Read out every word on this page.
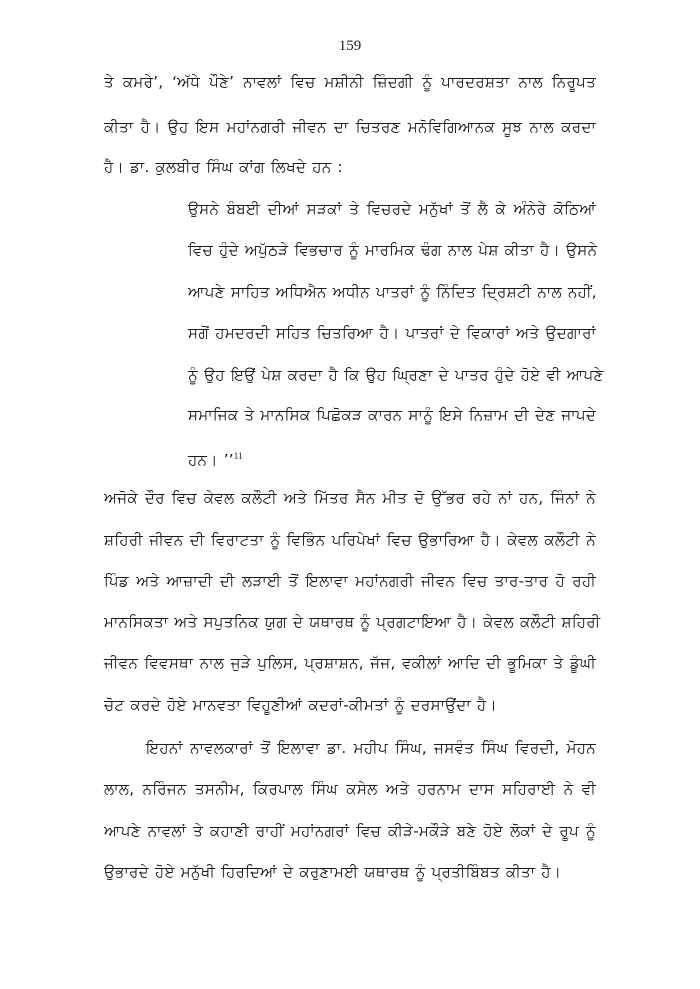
159
ਤੇ ਕਮਰੇ’, ‘ਅੱਧੇ ਪੌਣੇ’ ਨਾਵਲਾਂ ਵਿਚ ਮਸ਼ੀਨੀ ਜ਼ਿੰਦਗੀ ਨੂੰ ਪਾਰਦਰਸ਼ਤਾ ਨਾਲ ਨਿਰੂਪਤ
ਕੀਤਾ ਹੈ। ਉਹ ਇਸ ਮਹਾਂਨਗਰੀ ਜੀਵਨ ਦਾ ਚਿਤਰਣ ਮਨੋਵਿਗਿਆਨਕ ਸੂਝ ਨਾਲ ਕਰਦਾ
ਹੈ। ਡਾ. ਕੁਲਬੀਰ ਸਿੰਘ ਕਾਂਗ ਲਿਖਦੇ ਹਨ :
ਉਸਨੇ ਬੰਬਈ ਦੀਆਂ ਸੜਕਾਂ ਤੇ ਵਿਚਰਦੇ ਮਨੁੱਖਾਂ ਤੋਂ ਲੈ ਕੇ ਅੰਨੇਰੇ ਕੋਠਿਆਂ
ਵਿਚ ਹੁੰਦੇ ਅਪੁੱਠੜੇ ਵਿਭਚਾਰ ਨੂੰ ਮਾਰਮਿਕ ਢੰਗ ਨਾਲ ਪੇਸ਼ ਕੀਤਾ ਹੈ। ਉਸਨੇ
ਆਪਣੇ ਸਾਹਿਤ ਅਧਿਐਨ ਅਧੀਨ ਪਾਤਰਾਂ ਨੂੰ ਨਿੰਦਿਤ ਦ੍ਰਿਸ਼ਟੀ ਨਾਲ ਨਹੀਂ,
ਸਗੋਂ ਹਮਦਰਦੀ ਸਹਿਤ ਚਿਤਰਿਆ ਹੈ। ਪਾਤਰਾਂ ਦੇ ਵਿਕਾਰਾਂ ਅਤੇ ਉਦਗਾਰਾਂ
ਨੂੰ ਉਹ ਇਉਂ ਪੇਸ਼ ਕਰਦਾ ਹੈ ਕਿ ਉਹ ਘ੍ਰਿਣਾ ਦੇ ਪਾਤਰ ਹੁੰਦੇ ਹੋਏ ਵੀ ਆਪਣੇ
ਸਮਾਜਿਕ ਤੇ ਮਾਨਸਿਕ ਪਿਛੋਕੜ ਕਾਰਨ ਸਾਨੂੰ ਇਸੇ ਨਿਜ਼ਾਮ ਦੀ ਦੇਣ ਜਾਪਦੇ
ਹਨ। ’’$^{11}$
ਅਜੋਕੇ ਦੌਰ ਵਿਚ ਕੇਵਲ ਕਲੌਟੀ ਅਤੇ ਮਿੱਤਰ ਸੈਨ ਮੀਤ ਦੋ ਉੱਭਰ ਰਹੇ ਨਾਂ ਹਨ, ਜਿੰਨਾਂ ਨੇ
ਸ਼ਹਿਰੀ ਜੀਵਨ ਦੀ ਵਿਰਾਟਤਾ ਨੂੰ ਵਿਭਿੰਨ ਪਰਿਪੇਖਾਂ ਵਿਚ ਉਭਾਰਿਆ ਹੈ। ਕੇਵਲ ਕਲੌਟੀ ਨੇ
ਪਿੰਡ ਅਤੇ ਆਜ਼ਾਦੀ ਦੀ ਲੜਾਈ ਤੋਂ ਇਲਾਵਾ ਮਹਾਂਨਗਰੀ ਜੀਵਨ ਵਿਚ ਤਾਰ-ਤਾਰ ਹੋ ਰਹੀ
ਮਾਨਸਿਕਤਾ ਅਤੇ ਸਪੁਤਨਿਕ ਯੁਗ ਦੇ ਯਥਾਰਥ ਨੂੰ ਪ੍ਰਗਟਾਇਆ ਹੈ। ਕੇਵਲ ਕਲੌਟੀ ਸ਼ਹਿਰੀ
ਜੀਵਨ ਵਿਵਸਥਾ ਨਾਲ ਜੁੜੇ ਪੁਲਿਸ, ਪ੍ਰਸ਼ਾਸ਼ਨ, ਜੱਜ, ਵਕੀਲਾਂ ਆਦਿ ਦੀ ਭੂਮਿਕਾ ਤੇ ਡੂੰਘੀ
ਚੋਟ ਕਰਦੇ ਹੋਏ ਮਾਨਵਤਾ ਵਿਹੂਣੀਆਂ ਕਦਰਾਂ-ਕੀਮਤਾਂ ਨੂੰ ਦਰਸਾਉਂਦਾ ਹੈ।
ਇਹਨਾਂ ਨਾਵਲਕਾਰਾਂ ਤੋਂ ਇਲਾਵਾ ਡਾ. ਮਹੀਪ ਸਿੰਘ, ਜਸਵੰਤ ਸਿੰਘ ਵਿਰਦੀ, ਮੋਹਨ
ਲਾਲ, ਨਰਿੰਜਨ ਤਸਨੀਮ, ਕਿਰਪਾਲ ਸਿੰਘ ਕਸੇਲ ਅਤੇ ਹਰਨਾਮ ਦਾਸ ਸਹਿਰਾਈ ਨੇ ਵੀ
ਆਪਣੇ ਨਾਵਲਾਂ ਤੇ ਕਹਾਣੀ ਰਾਹੀਂ ਮਹਾਂਨਗਰਾਂ ਵਿਚ ਕੀੜੇ-ਮਕੌੜੇ ਬਣੇ ਹੋਏ ਲੋਕਾਂ ਦੇ ਰੂਪ ਨੂੰ
ਉਭਾਰਦੇ ਹੋਏ ਮਨੁੱਖੀ ਹਿਰਦਿਆਂ ਦੇ ਕਰੁਣਾਮਈ ਯਥਾਰਥ ਨੂੰ ਪ੍ਰਤੀਬਿੰਬਤ ਕੀਤਾ ਹੈ।
